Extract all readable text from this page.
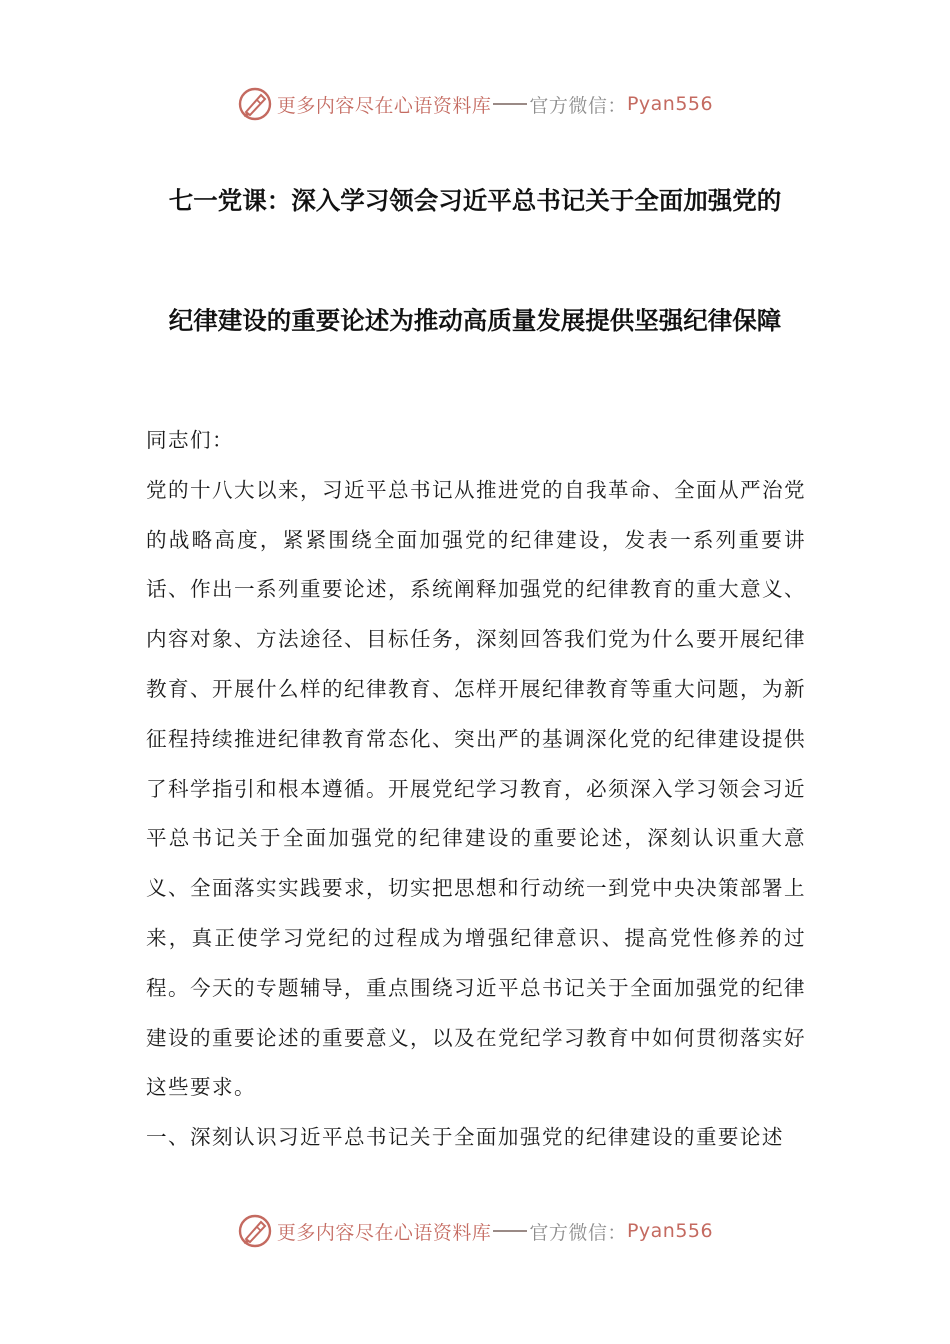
更多内容尽在心语资料库 官方微信： Pyan556
七一党课：深入学习领会习近平总书记关于全面加强党的
纪律建设的重要论述为推动高质量发展提供坚强纪律保障

同志们：

党的十八大以来，习近平总书记从推进党的自我革命、全面从严治党的战略高度，紧紧围绕全面加强党的纪律建设，发表一系列重要讲话、作出一系列重要论述，系统阐释加强党的纪律教育的重大意义、内容对象、方法途径、目标任务，深刻回答我们党为什么要开展纪律教育、开展什么样的纪律教育、怎样开展纪律教育等重大问题，为新征程持续推进纪律教育常态化、突出严的基调深化党的纪律建设提供了科学指引和根本遵循。开展党纪学习教育，必须深入学习领会习近平总书记关于全面加强党的纪律建设的重要论述，深刻认识重大意义、全面落实实践要求，切实把思想和行动统一到党中央决策部署上来，真正使学习党纪的过程成为增强纪律意识、提高党性修养的过程。今天的专题辅导，重点围绕习近平总书记关于全面加强党的纪律建设的重要论述的重要意义，以及在党纪学习教育中如何贯彻落实好这些要求。

一、深刻认识习近平总书记关于全面加强党的纪律建设的重要论述

更多内容尽在心语资料库 官方微信： Pyan556
